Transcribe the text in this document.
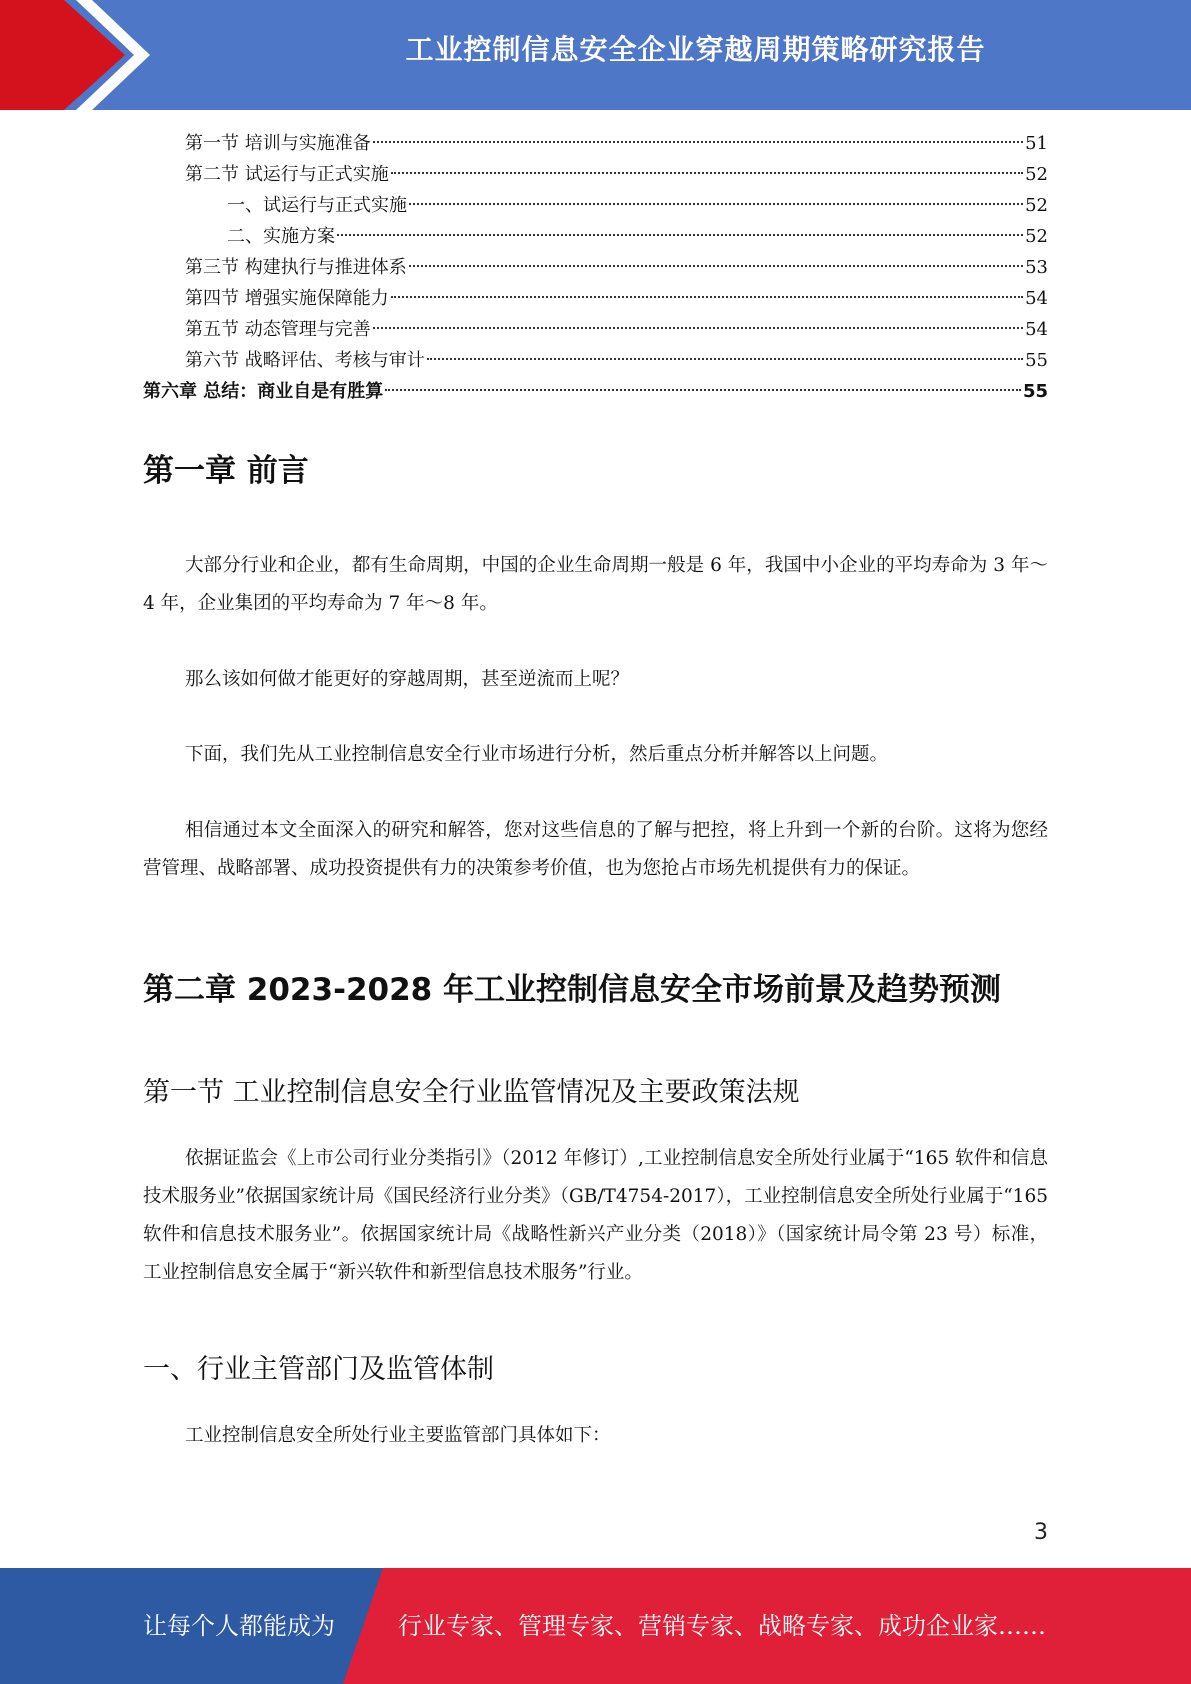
工业控制信息安全企业穿越周期策略研究报告
第一节 培训与实施准备	51
第二节 试运行与正式实施	52
一、试运行与正式实施	52
二、实施方案	52
第三节 构建执行与推进体系	53
第四节 增强实施保障能力	54
第五节 动态管理与完善	54
第六节 战略评估、考核与审计	55
第六章 总结：商业自是有胜算	55
第一章 前言

大部分行业和企业，都有生命周期，中国的企业生命周期一般是 6 年，我国中小企业的平均寿命为 3 年～4 年，企业集团的平均寿命为 7 年～8 年。

那么该如何做才能更好的穿越周期，甚至逆流而上呢？

下面，我们先从工业控制信息安全行业市场进行分析，然后重点分析并解答以上问题。

相信通过本文全面深入的研究和解答，您对这些信息的了解与把控，将上升到一个新的台阶。这将为您经营管理、战略部署、成功投资提供有力的决策参考价值，也为您抢占市场先机提供有力的保证。

第二章 2023-2028 年工业控制信息安全市场前景及趋势预测
第一节 工业控制信息安全行业监管情况及主要政策法规

依据证监会《上市公司行业分类指引》（2012 年修订）,工业控制信息安全所处行业属于“165 软件和信息技术服务业”依据国家统计局《国民经济行业分类》（GB/T4754-2017），工业控制信息安全所处行业属于“165 软件和信息技术服务业”。依据国家统计局《战略性新兴产业分类（2018）》（国家统计局令第 23 号）标准，工业控制信息安全属于“新兴软件和新型信息技术服务”行业。

一、行业主管部门及监管体制

工业控制信息安全所处行业主要监管部门具体如下：

3
让每个人都能成为	行业专家、管理专家、营销专家、战略专家、成功企业家……
